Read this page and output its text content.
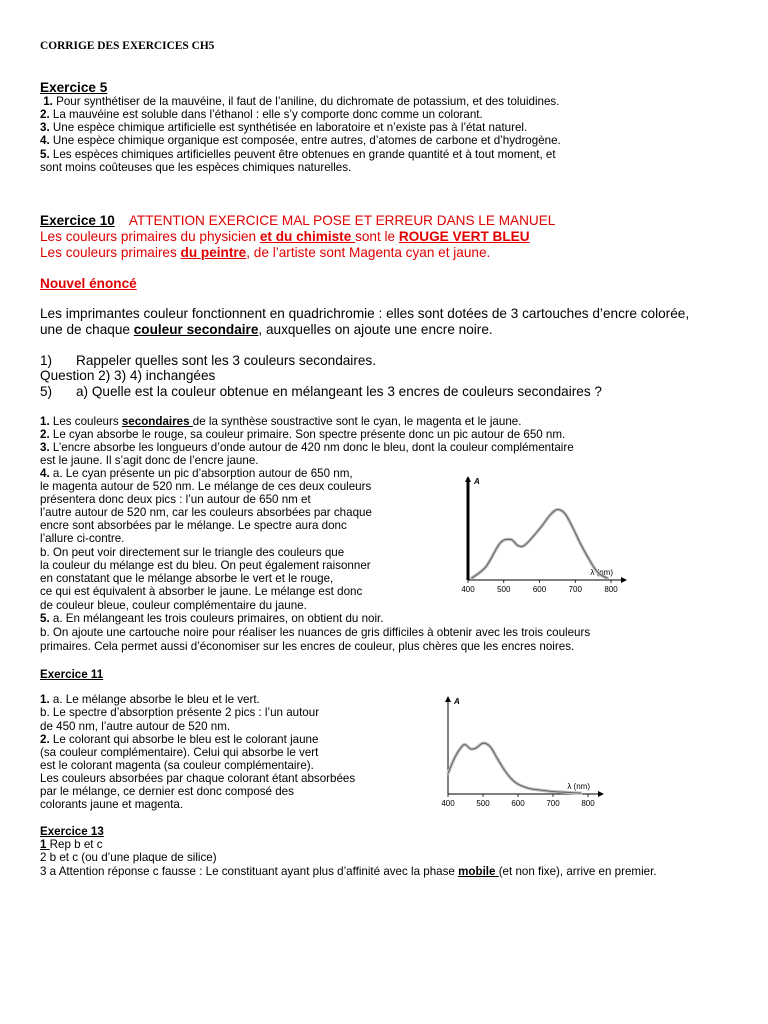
CORRIGE DES EXERCICES CH5
Exercice 5
1. Pour synthétiser de la mauvéine, il faut de l’aniline, du dichromate de potassium, et des toluidines.
2. La mauvéine est soluble dans l’éthanol : elle s’y comporte donc comme un colorant.
3. Une espèce chimique artificielle est synthétisée en laboratoire et n’existe pas à l’état naturel.
4. Une espèce chimique organique est composée, entre autres, d’atomes de carbone et d’hydrogène.
5. Les espèces chimiques artificielles peuvent être obtenues en grande quantité et à tout moment, et
sont moins coûteuses que les espèces chimiques naturelles.
Exercice 10 ATTENTION EXERCICE MAL POSE ET ERREUR DANS LE MANUEL
Les couleurs primaires du physicien et du chimiste sont le ROUGE VERT BLEU
Les couleurs primaires du peintre, de l’artiste sont Magenta cyan et jaune.
Nouvel énoncé
Les imprimantes couleur fonctionnent en quadrichromie : elles sont dotées de 3 cartouches d’encre colorée,
une de chaque couleur secondaire, auxquelles on ajoute une encre noire.
1) Rappeler quelles sont les 3 couleurs secondaires.
Question 2) 3) 4) inchangées
5) a) Quelle est la couleur obtenue en mélangeant les 3 encres de couleurs secondaires ?
1. Les couleurs secondaires de la synthèse soustractive sont le cyan, le magenta et le jaune.
2. Le cyan absorbe le rouge, sa couleur primaire. Son spectre présente donc un pic autour de 650 nm.
3. L’encre absorbe les longueurs d’onde autour de 420 nm donc le bleu, dont la couleur complémentaire
est le jaune. Il s’agit donc de l’encre jaune.
4. a. Le cyan présente un pic d’absorption autour de 650 nm,
le magenta autour de 520 nm. Le mélange de ces deux couleurs
présentera donc deux pics : l’un autour de 650 nm et
l’autre autour de 520 nm, car les couleurs absorbées par chaque
encre sont absorbées par le mélange. Le spectre aura donc
l’allure ci-contre.
b. On peut voir directement sur le triangle des couleurs que
la couleur du mélange est du bleu. On peut également raisonner
en constatant que le mélange absorbe le vert et le rouge,
ce qui est équivalent à absorber le jaune. Le mélange est donc
de couleur bleue, couleur complémentaire du jaune.
5. a. En mélangeant les trois couleurs primaires, on obtient du noir.
b. On ajoute une cartouche noire pour réaliser les nuances de gris difficiles à obtenir avec les trois couleurs
primaires. Cela permet aussi d’économiser sur les encres de couleur, plus chères que les encres noires.
A
λ (nm)
400	500	600	700	800
Exercice 11
1. a. Le mélange absorbe le bleu et le vert.
b. Le spectre d’absorption présente 2 pics : l’un autour
de 450 nm, l’autre autour de 520 nm.
2. Le colorant qui absorbe le bleu est le colorant jaune
(sa couleur complémentaire). Celui qui absorbe le vert
est le colorant magenta (sa couleur complémentaire).
Les couleurs absorbées par chaque colorant étant absorbées
par le mélange, ce dernier est donc composé des
colorants jaune et magenta.
A
λ (nm)
400	500	600	700	800
Exercice 13
1 Rep b et c
2 b et c (ou d’une plaque de silice)
3 a Attention réponse c fausse : Le constituant ayant plus d’affinité avec la phase mobile (et non fixe), arrive en premier.
